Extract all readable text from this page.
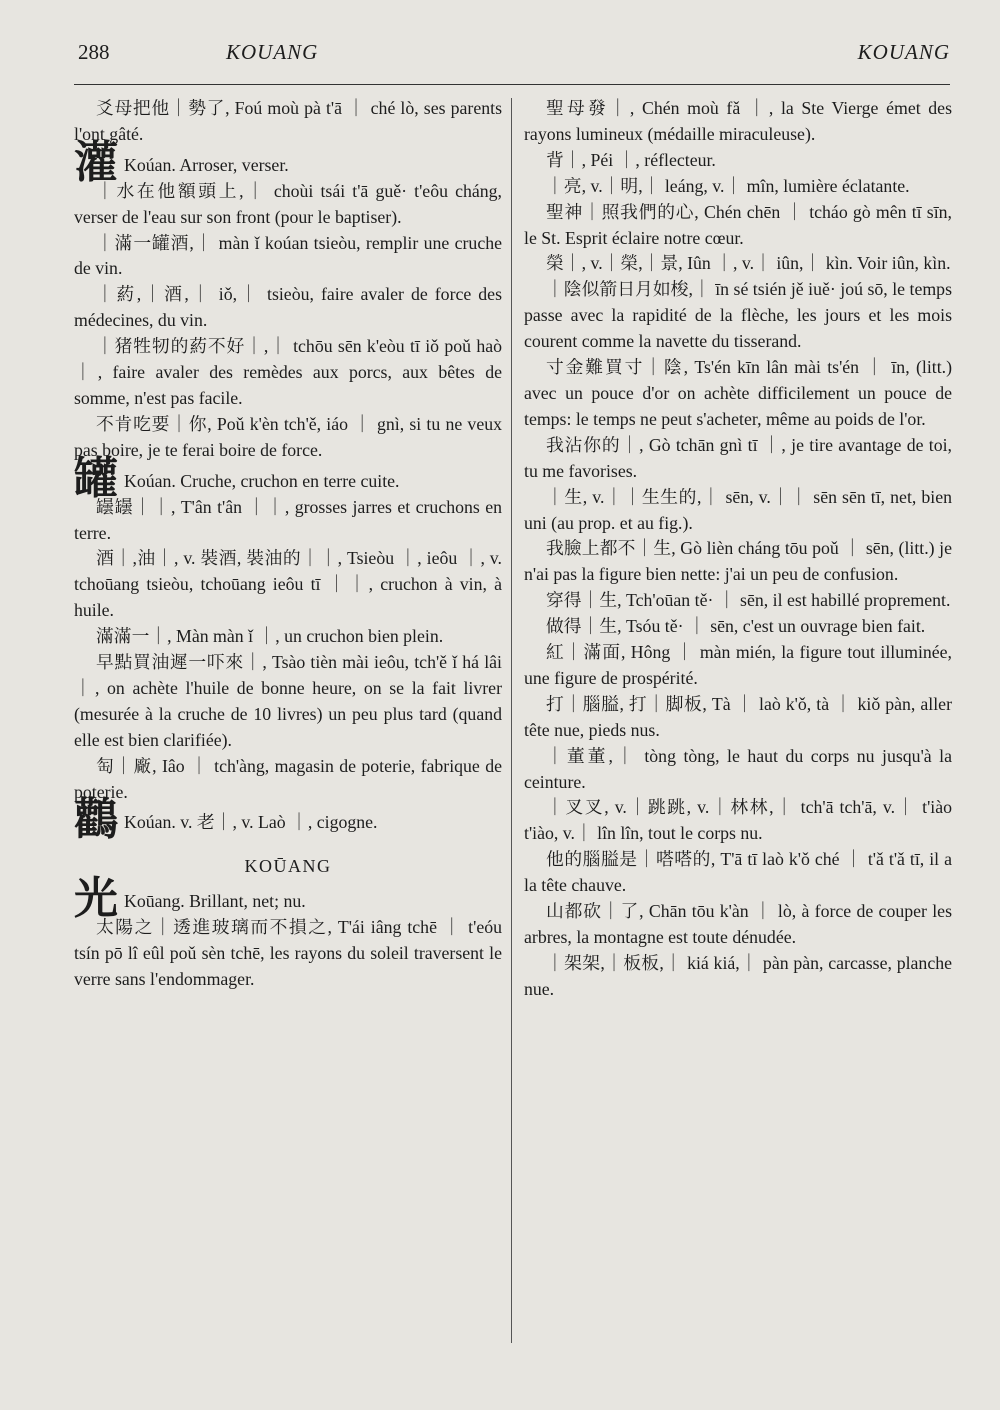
288	KOUANG	KOUANG

爻母把他｜勢了, Foú moù pà t'ā ｜ ché lò, ses parents l'ont gâté.

灌 Koúan. Arroser, verser.

｜水在他額頭上,｜ choùi tsái t'ā guě· t'eôu cháng, verser de l'eau sur son front (pour le baptiser).

｜滿一罐酒,｜ màn ǐ koúan tsieòu, remplir une cruche de vin.

｜葯,｜酒,｜ iǒ,｜ tsieòu, faire avaler de force des médecines, du vin.

｜猪牲牣的葯不好｜,｜ tchōu sēn k'eòu tī iǒ poǔ haò ｜, faire avaler des remèdes aux porcs, aux bêtes de somme, n'est pas facile.

不肯吃要｜你, Poǔ k'èn tch'ě, iáo ｜ gnì, si tu ne veux pas boire, je te ferai boire de force.

罐 Koúan. Cruche, cruchon en terre cuite.

罎罎｜｜, T'ân t'ân ｜｜, grosses jarres et cruchons en terre.

酒｜,油｜, v. 裝酒, 裝油的｜｜, Tsieòu ｜, ieôu ｜, v. tchoūang tsieòu, tchoūang ieôu tī ｜｜, cruchon à vin, à huile.

滿滿一｜, Màn màn ǐ ｜, un cruchon bien plein.

早點買油遲一吓來｜, Tsào tièn mài ieôu, tch'ě ǐ há lâi ｜, on achète l'huile de bonne heure, on se la fait livrer (mesurée à la cruche de 10 livres) un peu plus tard (quand elle est bien clarifiée).

匋｜廠, Iâo ｜ tch'àng, magasin de poterie, fabrique de poterie.

鸛 Koúan. v. 老｜, v. Laò ｜, cigogne.

KOŪANG

光 Koūang. Brillant, net; nu.

太陽之｜透進玻璃而不損之, T'ái iâng tchē ｜ t'eóu tsín pō lî eûl poǔ sèn tchē, les rayons du soleil traversent le verre sans l'endommager.

聖母發｜, Chén moù fǎ ｜, la Ste Vierge émet des rayons lumineux (médaille miraculeuse).

背｜, Péi ｜, réflecteur.

｜亮, v.｜明,｜ leáng, v.｜ mîn, lumière éclatante.

聖神｜照我們的心, Chén chēn ｜ tcháo gò mên tī sīn, le St. Esprit éclaire notre cœur.

榮｜, v.｜榮,｜景, Iûn ｜, v.｜ iûn,｜ kìn. Voir iûn, kìn.

｜陰似箭日月如梭,｜ īn sé tsién jě iuě· joú sō, le temps passe avec la rapidité de la flèche, les jours et les mois courent comme la navette du tisserand.

寸金難買寸｜陰, Ts'én kīn lân mài ts'én ｜ īn, (litt.) avec un pouce d'or on achète difficilement un pouce de temps: le temps ne peut s'acheter, même au poids de l'or.

我沾你的｜, Gò tchān gnì tī ｜, je tire avantage de toi, tu me favorises.

｜生, v.｜｜生生的,｜ sēn, v.｜｜ sēn sēn tī, net, bien uni (au prop. et au fig.).

我臉上都不｜生, Gò lièn cháng tōu poǔ ｜ sēn, (litt.) je n'ai pas la figure bien nette: j'ai un peu de confusion.

穿得｜生, Tch'oūan tě· ｜ sēn, il est habillé proprement.

做得｜生, Tsóu tě· ｜ sēn, c'est un ouvrage bien fait.

紅｜滿面, Hông ｜ màn mién, la figure tout illuminée, une figure de prospérité.

打｜腦膉, 打｜脚板, Tà ｜ laò k'ǒ, tà ｜ kiǒ pàn, aller tête nue, pieds nus.

｜董董,｜ tòng tòng, le haut du corps nu jusqu'à la ceinture.

｜叉叉, v.｜跳跳, v.｜林林,｜ tch'ā tch'ā, v.｜ t'iào t'iào, v.｜ lîn lîn, tout le corps nu.

他的腦膉是｜嗒嗒的, T'ā tī laò k'ǒ ché ｜ t'ǎ t'ǎ tī, il a la tête chauve.

山都砍｜了, Chān tōu k'àn ｜ lò, à force de couper les arbres, la montagne est toute dénudée.

｜架架,｜板板,｜ kiá kiá,｜ pàn pàn, carcasse, planche nue.
